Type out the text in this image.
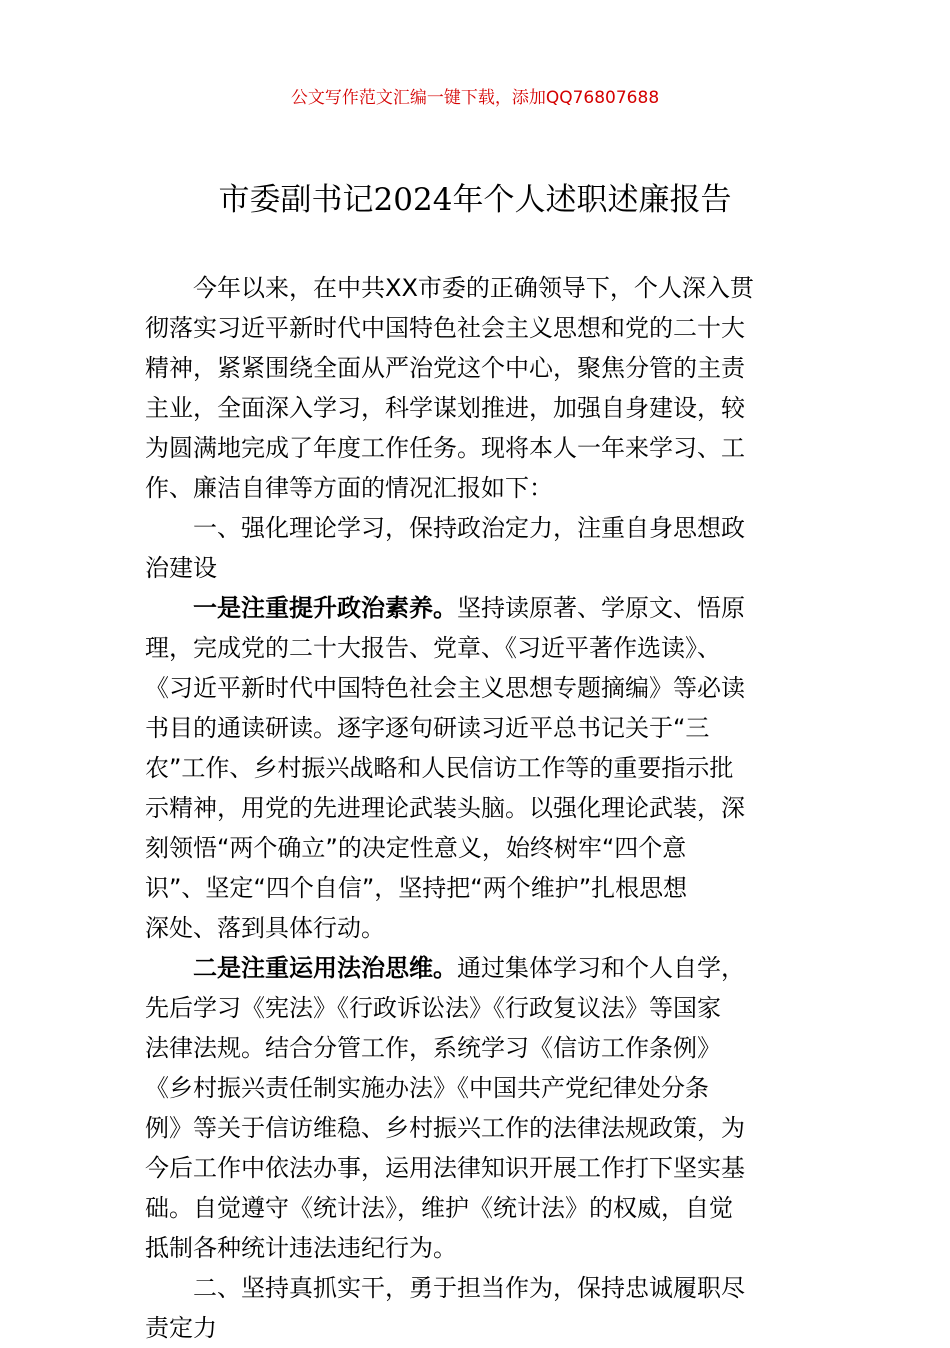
公文写作范文汇编一键下载，添加QQ76807688
市委副书记2024年个人述职述廉报告
今年以来，在中共XX市委的正确领导下，个人深入贯
彻落实习近平新时代中国特色社会主义思想和党的二十大
精神，紧紧围绕全面从严治党这个中心，聚焦分管的主责
主业，全面深入学习，科学谋划推进，加强自身建设，较
为圆满地完成了年度工作任务。现将本人一年来学习、工
作、廉洁自律等方面的情况汇报如下：
一、强化理论学习，保持政治定力，注重自身思想政
治建设
一是注重提升政治素养。坚持读原著、学原文、悟原
理，完成党的二十大报告、党章、《习近平著作选读》、
《习近平新时代中国特色社会主义思想专题摘编》等必读
书目的通读研读。逐字逐句研读习近平总书记关于“三
农”工作、乡村振兴战略和人民信访工作等的重要指示批
示精神，用党的先进理论武装头脑。以强化理论武装，深
刻领悟“两个确立”的决定性意义，始终树牢“四个意
识”、坚定“四个自信”，坚持把“两个维护”扎根思想
深处、落到具体行动。
二是注重运用法治思维。通过集体学习和个人自学，
先后学习《宪法》《行政诉讼法》《行政复议法》等国家
法律法规。结合分管工作，系统学习《信访工作条例》
《乡村振兴责任制实施办法》《中国共产党纪律处分条
例》等关于信访维稳、乡村振兴工作的法律法规政策，为
今后工作中依法办事，运用法律知识开展工作打下坚实基
础。自觉遵守《统计法》，维护《统计法》的权威，自觉
抵制各种统计违法违纪行为。
二、坚持真抓实干，勇于担当作为，保持忠诚履职尽
责定力
